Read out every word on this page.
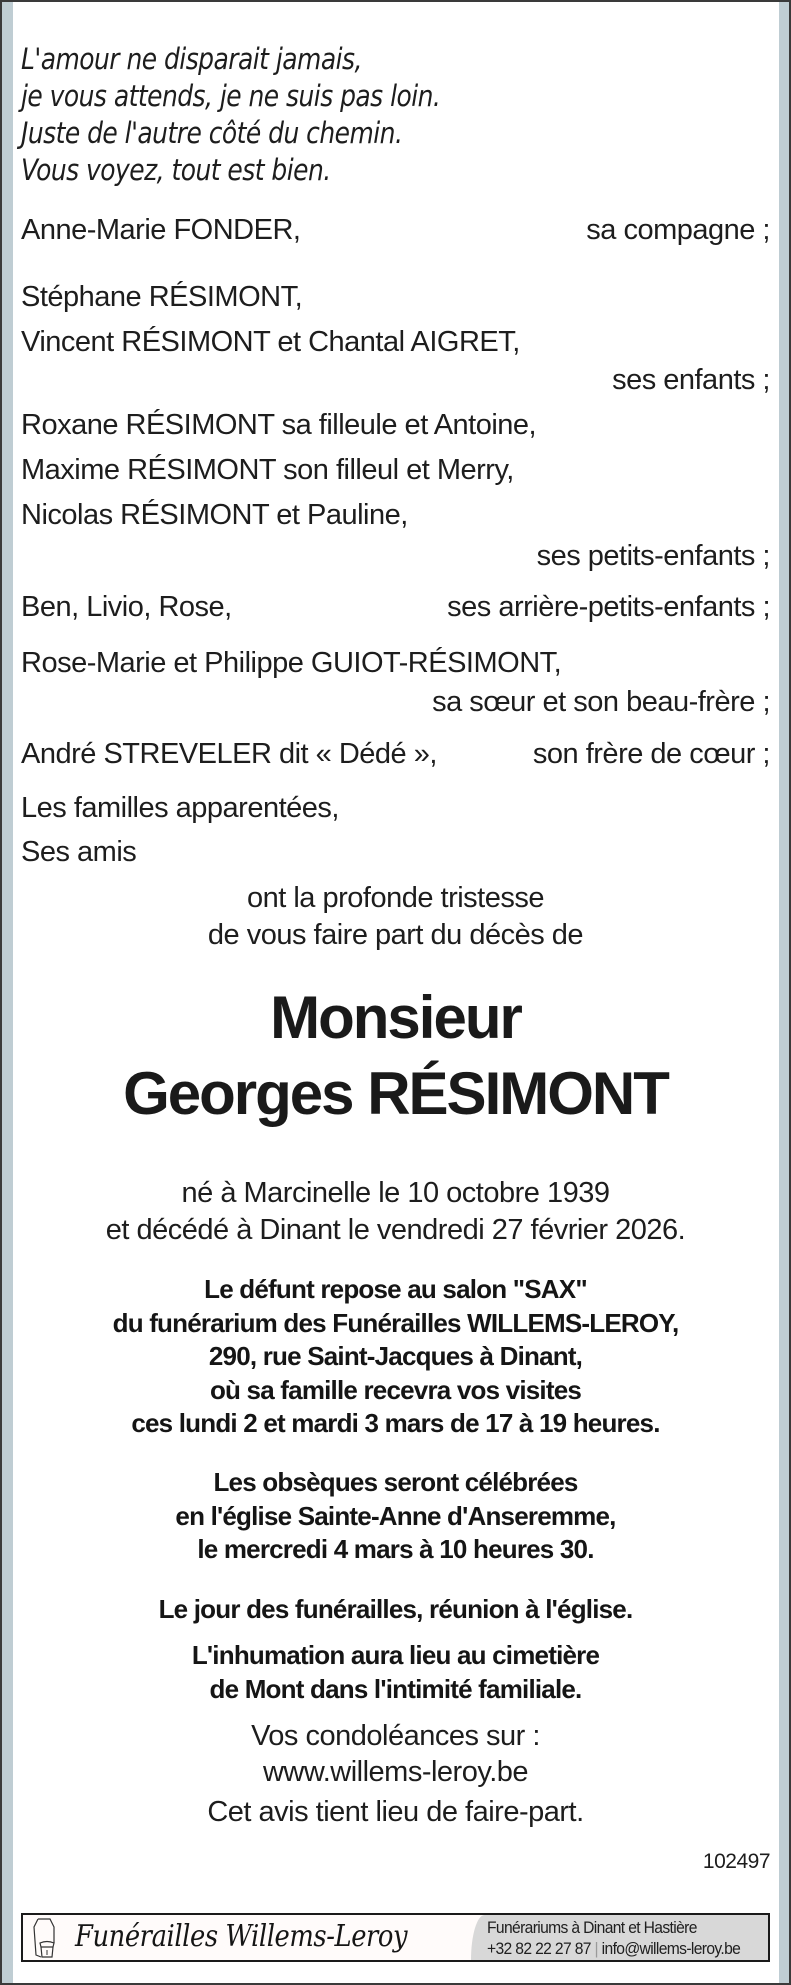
L'amour ne disparait jamais,
je vous attends, je ne suis pas loin.
Juste de l'autre côté du chemin.
Vous voyez, tout est bien.
Anne-Marie FONDER,	sa compagne ;
Stéphane RÉSIMONT,
Vincent RÉSIMONT et Chantal AIGRET,
ses enfants ;
Roxane RÉSIMONT sa filleule et Antoine,
Maxime RÉSIMONT son filleul et Merry,
Nicolas RÉSIMONT et Pauline,
ses petits-enfants ;
Ben, Livio, Rose,	ses arrière-petits-enfants ;
Rose-Marie et Philippe GUIOT-RÉSIMONT,
sa sœur et son beau-frère ;
André STREVELER dit « Dédé »,	son frère de cœur ;
Les familles apparentées,
Ses amis
ont la profonde tristesse
de vous faire part du décès de
Monsieur
Georges RÉSIMONT
né à Marcinelle le 10 octobre 1939
et décédé à Dinant le vendredi 27 février 2026.
Le défunt repose au salon "SAX"
du funérarium des Funérailles WILLEMS-LEROY,
290, rue Saint-Jacques à Dinant,
où sa famille recevra vos visites
ces lundi 2 et mardi 3 mars de 17 à 19 heures.
Les obsèques seront célébrées
en l'église Sainte-Anne d'Anseremme,
le mercredi 4 mars à 10 heures 30.
Le jour des funérailles, réunion à l'église.
L'inhumation aura lieu au cimetière
de Mont dans l'intimité familiale.
Vos condoléances sur :
www.willems-leroy.be
Cet avis tient lieu de faire-part.
102497
Funérailles Willems-Leroy	Funérariums à Dinant et Hastière
+32 82 22 27 87 | info@willems-leroy.be
